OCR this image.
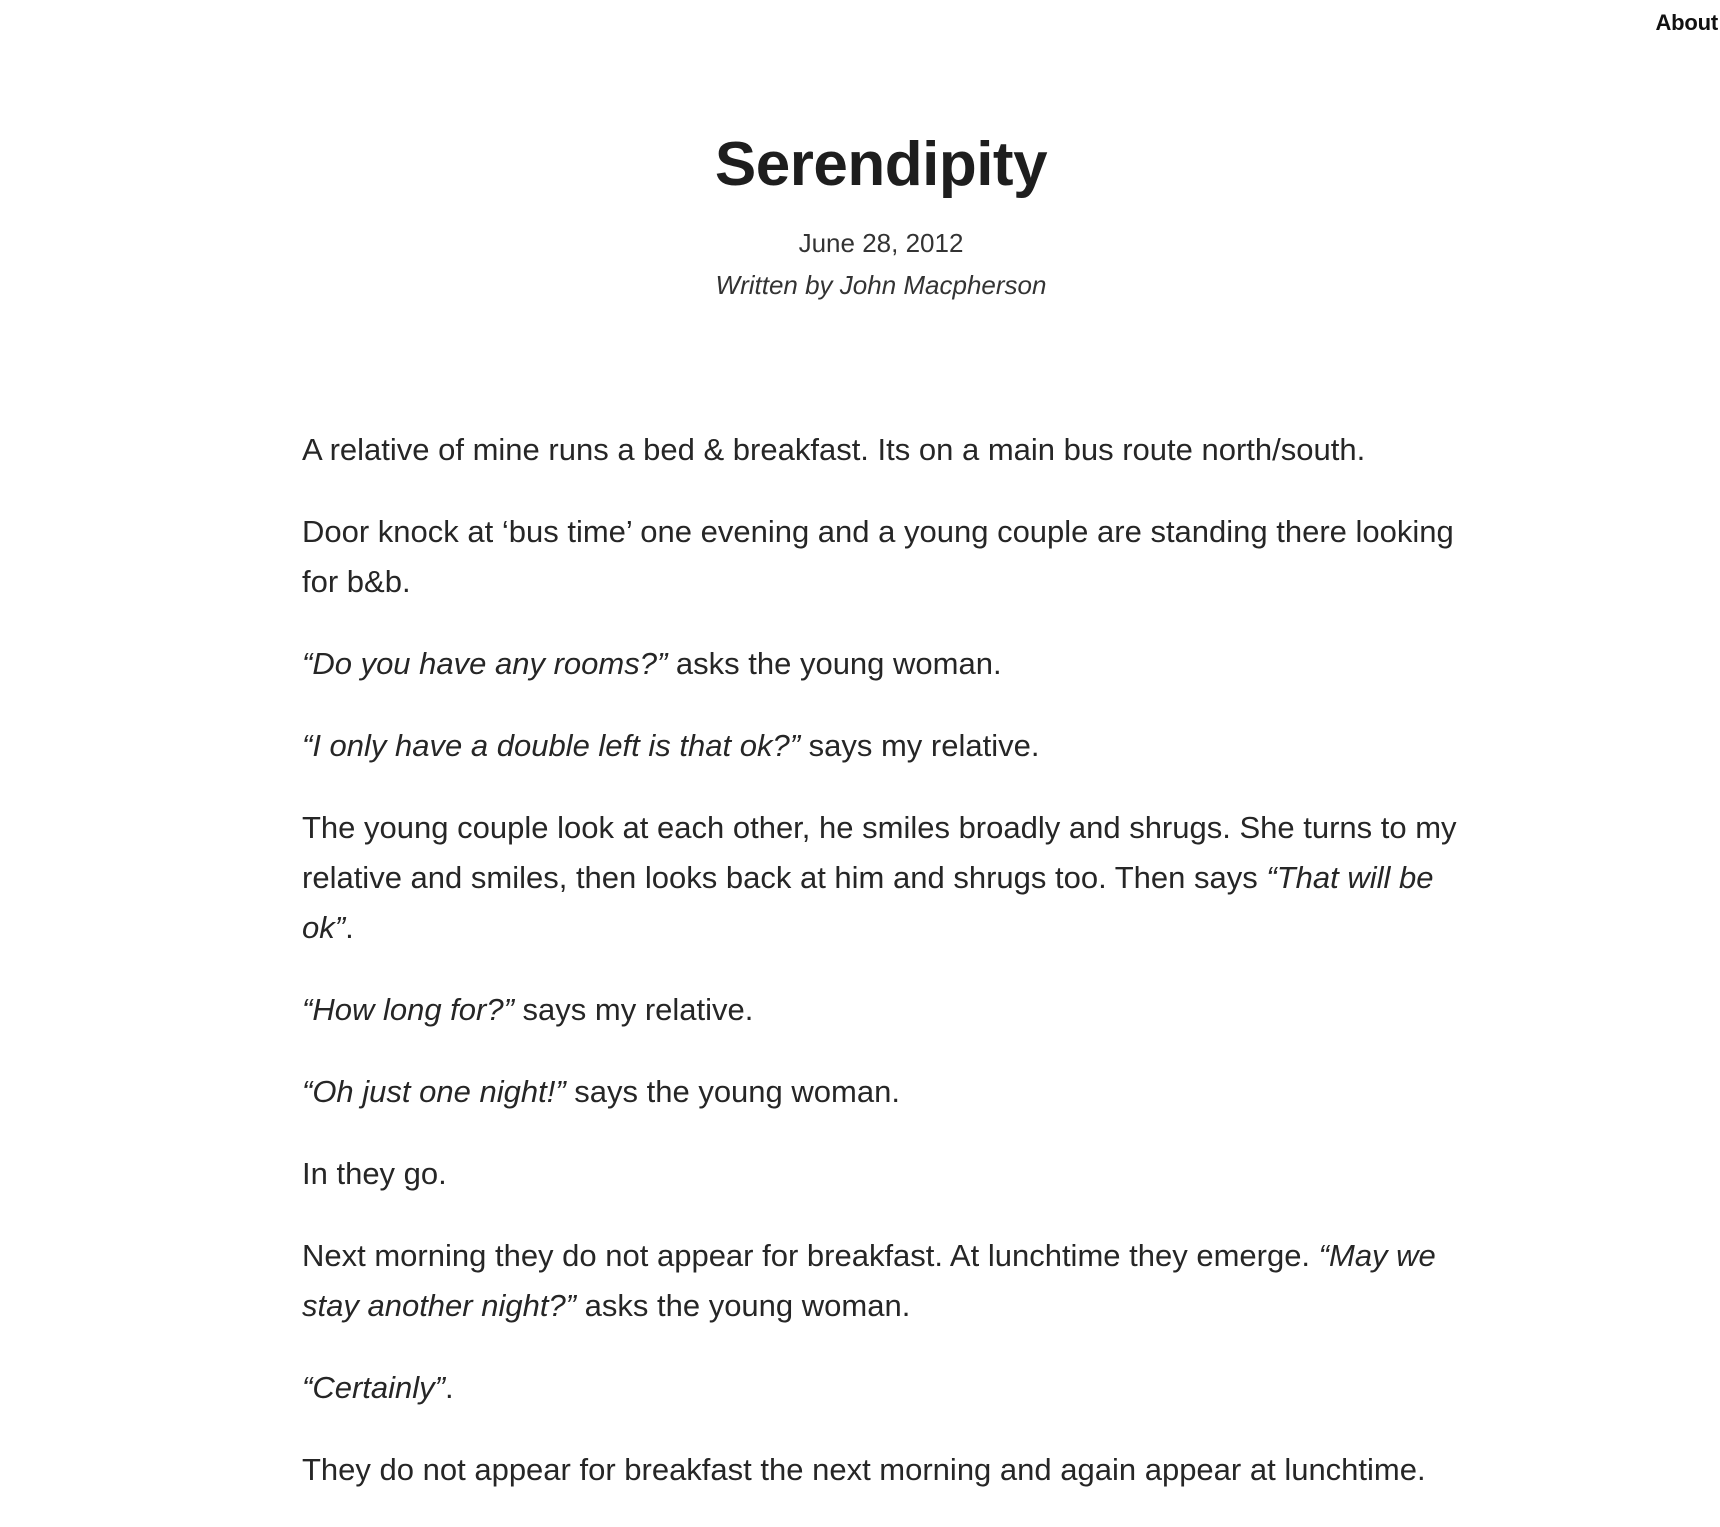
About
Serendipity
June 28, 2012
Written by John Macpherson

A relative of mine runs a bed & breakfast. Its on a main bus route north/south.

Door knock at ‘bus time’ one evening and a young couple are standing there looking for b&b.

“Do you have any rooms?” asks the young woman.

“I only have a double left is that ok?” says my relative.

The young couple look at each other, he smiles broadly and shrugs. She turns to my relative and smiles, then looks back at him and shrugs too. Then says “That will be ok”.

“How long for?” says my relative.

“Oh just one night!” says the young woman.

In they go.

Next morning they do not appear for breakfast. At lunchtime they emerge. “May we stay another night?” asks the young woman.

“Certainly”.

They do not appear for breakfast the next morning and again appear at lunchtime.
